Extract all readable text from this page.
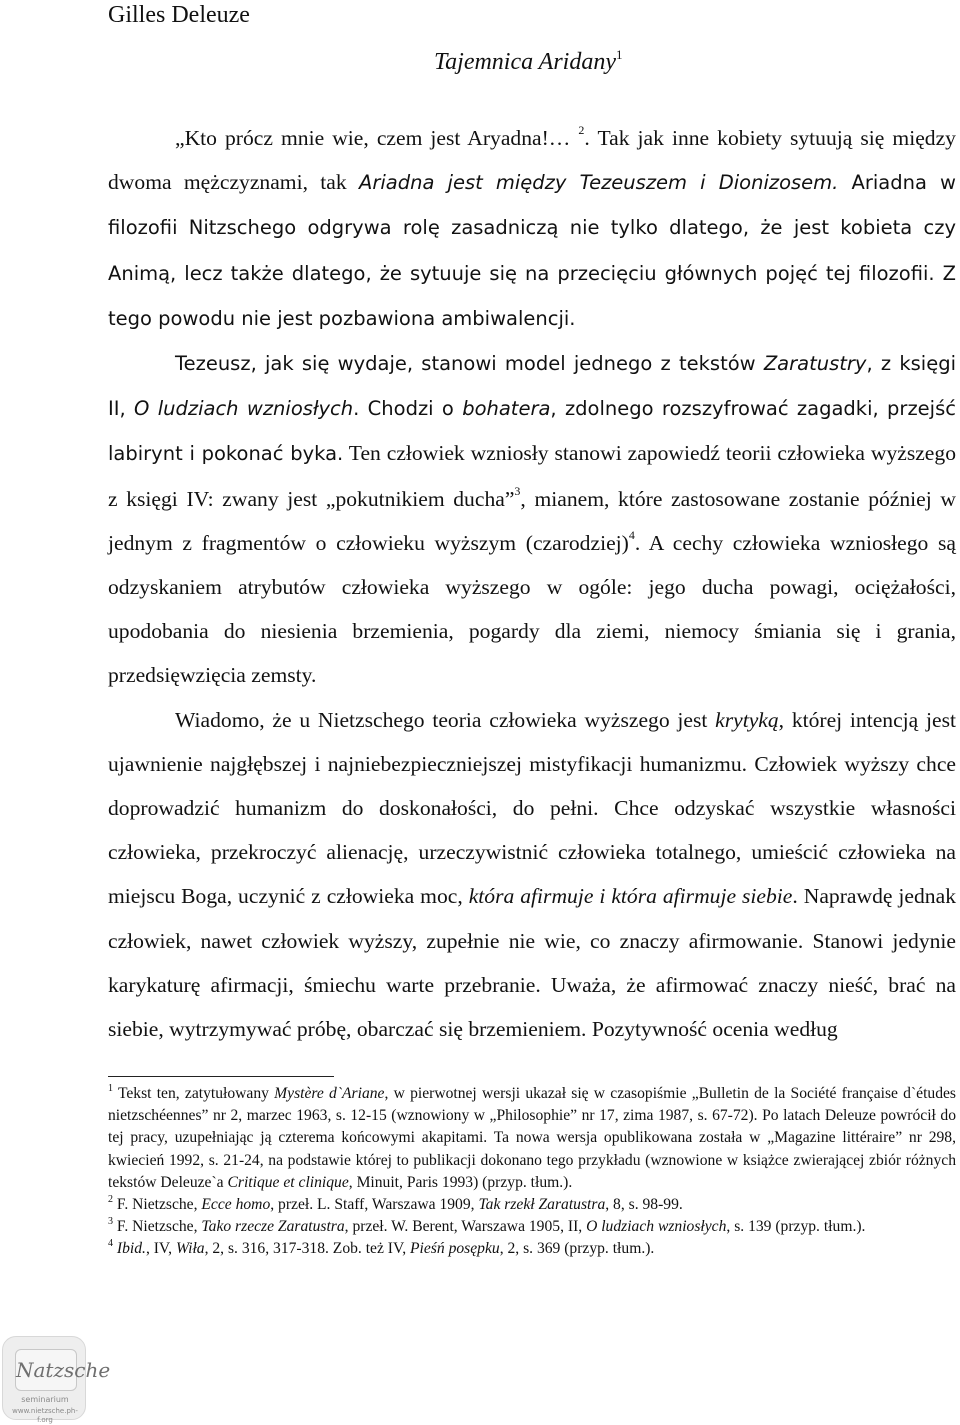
Gilles Deleuze
Tajemnica Aridany$^1$

„Kto prócz mnie wie, czem jest Aryadna!… $^2$. Tak jak inne kobiety sytuują się między dwoma mężczyznami, tak Ariadna jest między Tezeuszem i Dionizosem. Ariadna w filozofii Nitzschego odgrywa rolę zasadniczą nie tylko dlatego, że jest kobieta czy Animą, lecz także dlatego, że sytuuje się na przecięciu głównych pojęć tej filozofii. Z tego powodu nie jest pozbawiona ambiwalencji.

Tezeusz, jak się wydaje, stanowi model jednego z tekstów Zaratustry, z księgi II, O ludziach wzniosłych. Chodzi o bohatera, zdolnego rozszyfrować zagadki, przejść labirynt i pokonać byka. Ten człowiek wzniosły stanowi zapowiedź teorii człowieka wyższego z księgi IV: zwany jest „pokutnikiem ducha”$^3$, mianem, które zastosowane zostanie później w jednym z fragmentów o człowieku wyższym (czarodziej)$^4$. A cechy człowieka wzniosłego są odzyskaniem atrybutów człowieka wyższego w ogóle: jego ducha powagi, ociężałości, upodobania do niesienia brzemienia, pogardy dla ziemi, niemocy śmiania się i grania, przedsięwzięcia zemsty.

Wiadomo, że u Nietzschego teoria człowieka wyższego jest krytyką, której intencją jest ujawnienie najgłębszej i najniebezpieczniejszej mistyfikacji humanizmu. Człowiek wyższy chce doprowadzić humanizm do doskonałości, do pełni. Chce odzyskać wszystkie własności człowieka, przekroczyć alienację, urzeczywistnić człowieka totalnego, umieścić człowieka na miejscu Boga, uczynić z człowieka moc, która afirmuje i która afirmuje siebie. Naprawdę jednak człowiek, nawet człowiek wyższy, zupełnie nie wie, co znaczy afirmowanie. Stanowi jedynie karykaturę afirmacji, śmiechu warte przebranie. Uważa, że afirmować znaczy nieść, brać na siebie, wytrzymywać próbę, obarczać się brzemieniem. Pozytywność ocenia według

$^1$ Tekst ten, zatytułowany Mystère d`Ariane, w pierwotnej wersji ukazał się w czasopiśmie „Bulletin de la Société française d`études nietzschéennes” nr 2, marzec 1963, s. 12-15 (wznowiony w „Philosophie” nr 17, zima 1987, s. 67-72). Po latach Deleuze powrócił do tej pracy, uzupełniając ją czterema końcowymi akapitami. Ta nowa wersja opublikowana została w „Magazine littéraire” nr 298, kwiecień 1992, s. 21-24, na podstawie której to publikacji dokonano tego przykładu (wznowione w książce zwierającej zbiór różnych tekstów Deleuze`a Critique et clinique, Minuit, Paris 1993) (przyp. tłum.).

$^2$ F. Nietzsche, Ecce homo, przeł. L. Staff, Warszawa 1909, Tak rzekł Zaratustra, 8, s. 98-99.

$^3$ F. Nietzsche, Tako rzecze Zaratustra, przeł. W. Berent, Warszawa 1905, II, O ludziach wzniosłych, s. 139 (przyp. tłum.).

$^4$ Ibid., IV, Wiła, 2, s. 316, 317-318. Zob. też IV, Pieśń posępku, 2, s. 369 (przyp. tłum.).

Natzsche
seminarium
www.nietzsche.ph-f.org
